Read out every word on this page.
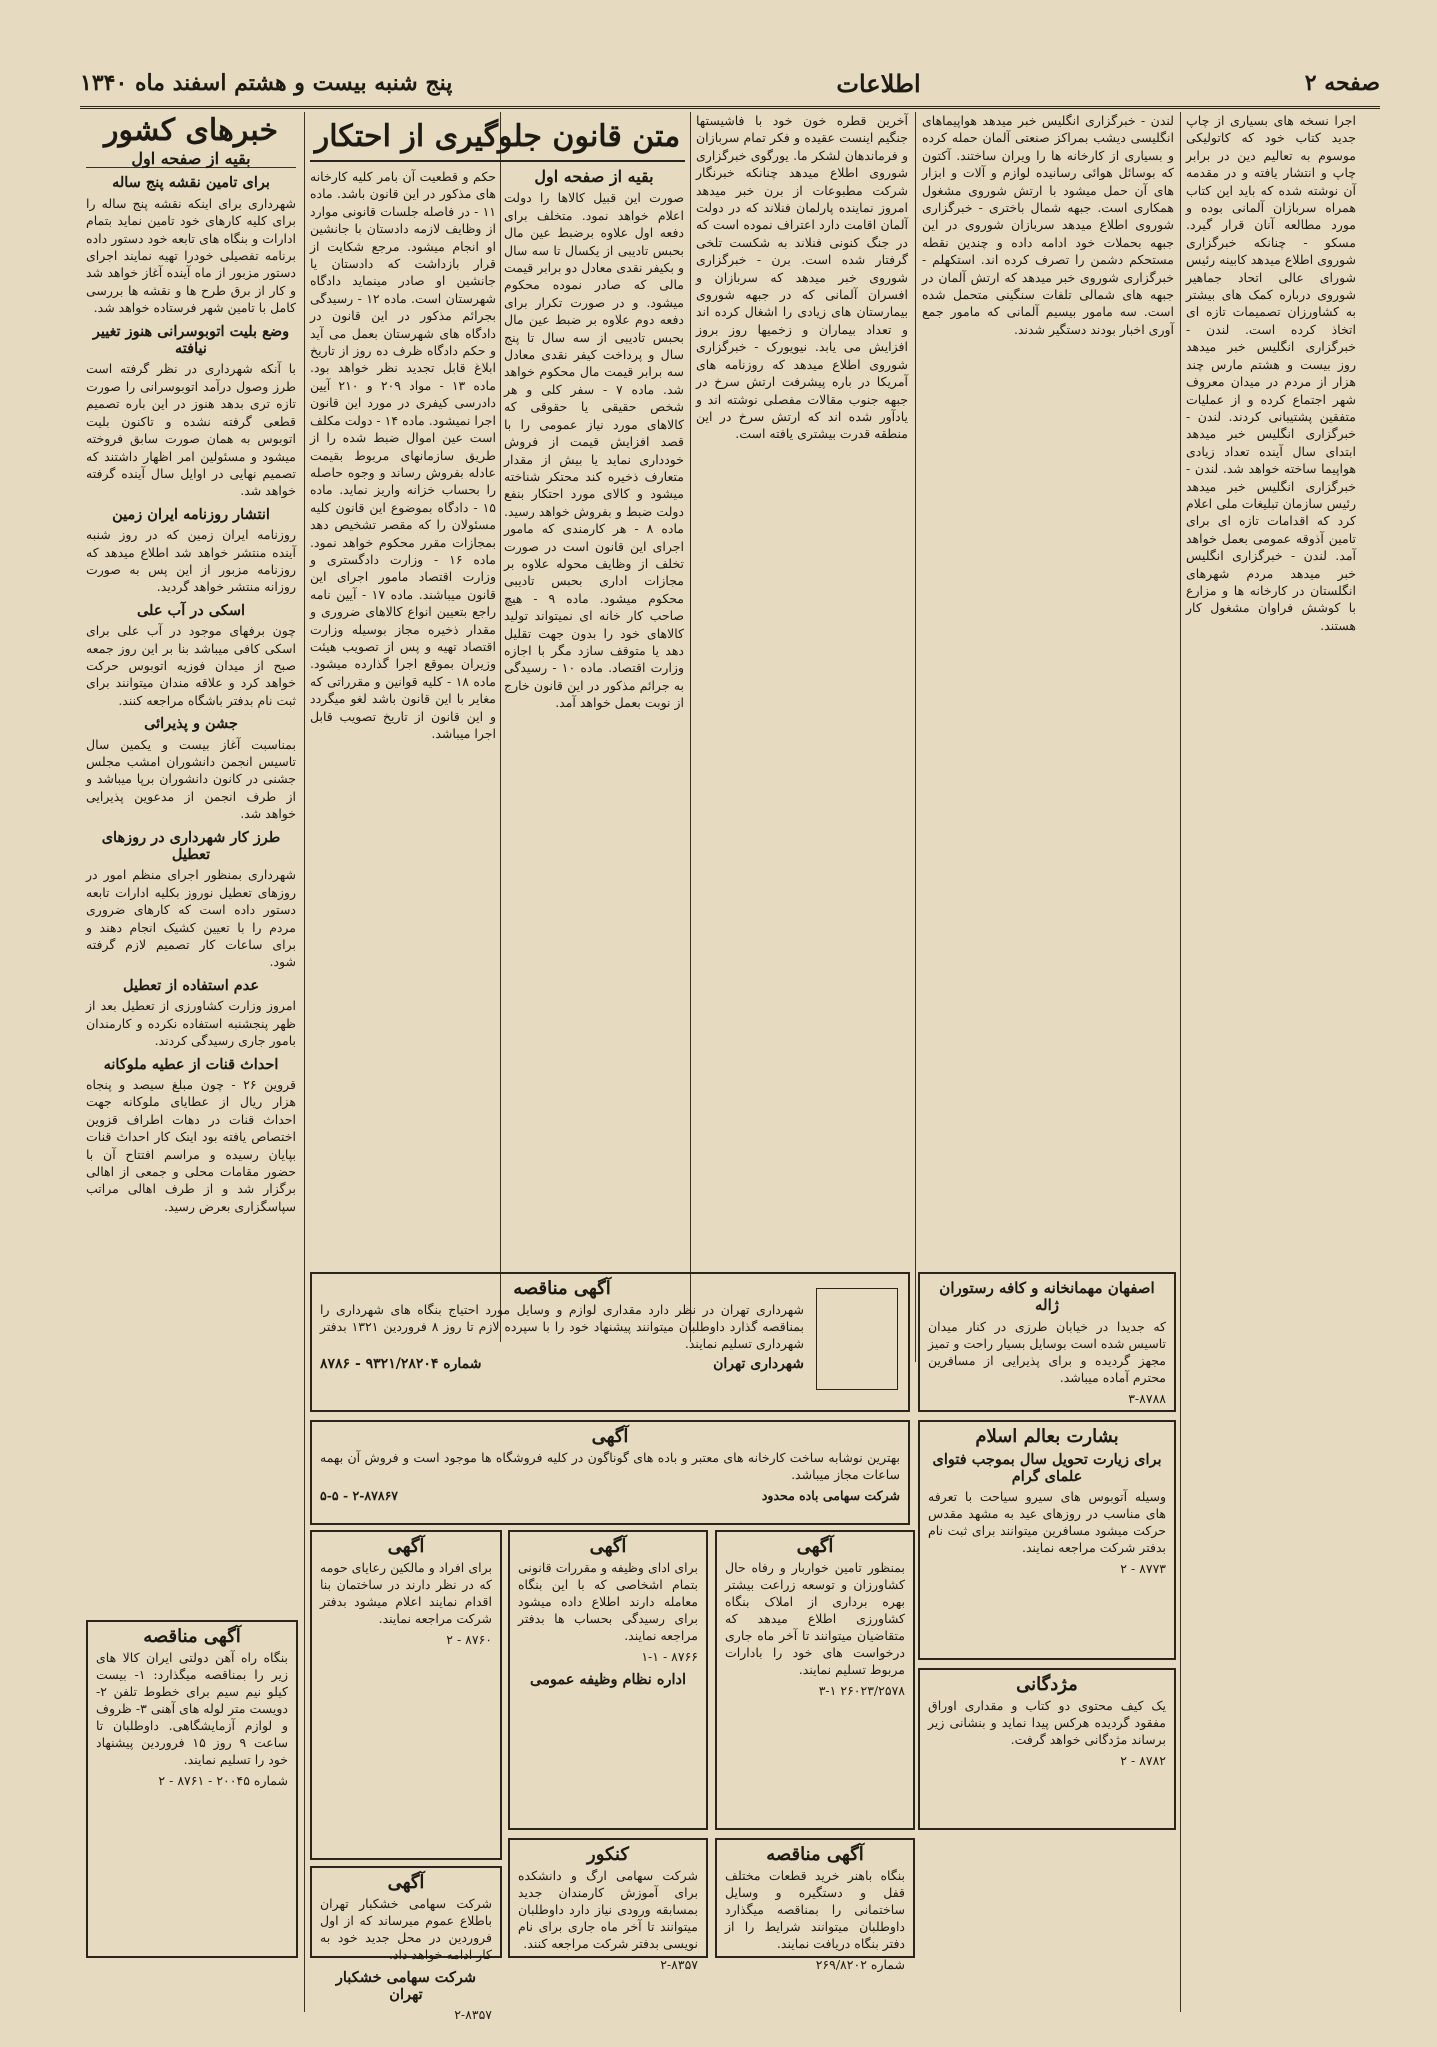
صفحه ۲
اطلاعات
پنج شنبه بیست و هشتم اسفند ماه ۱۳۴۰
خبرهای کشور
بقیه از صفحه اول
برای تامین نقشه پنج ساله

شهرداری برای اینکه نقشه پنج ساله را برای کلیه کارهای خود تامین نماید بتمام ادارات و بنگاه های تابعه خود دستور داده برنامه تفصیلی خودرا تهیه نمایند اجرای دستور مزبور از ماه آینده آغاز خواهد شد و کار از برق طرح ها و نقشه ها بررسی کامل با تامین شهر فرستاده خواهد شد.

وضع بلیت اتوبوسرانی هنوز تغییر نیافته

با آنکه شهرداری در نظر گرفته است طرز وصول درآمد اتوبوسرانی را صورت تازه تری بدهد هنوز در این باره تصمیم قطعی گرفته نشده و تاکنون بلیت اتوبوس به همان صورت سابق فروخته میشود و مسئولین امر اظهار داشتند که تصمیم نهایی در اوایل سال آینده گرفته خواهد شد.

انتشار روزنامه ایران زمین

روزنامه ایران زمین که در روز شنبه آینده منتشر خواهد شد اطلاع میدهد که روزنامه مزبور از این پس به صورت روزانه منتشر خواهد گردید.

اسکی در آب علی

چون برفهای موجود در آب علی برای اسکی کافی میباشد بنا بر این روز جمعه صبح از میدان فوزیه اتوبوس حرکت خواهد کرد و علاقه مندان میتوانند برای ثبت نام بدفتر باشگاه مراجعه کنند.

جشن و پذیرائی

بمناسبت آغاز بیست و یکمین سال تاسیس انجمن دانشوران امشب مجلس جشنی در کانون دانشوران برپا میباشد و از طرف انجمن از مدعوین پذیرایی خواهد شد.

طرز کار شهرداری در روزهای تعطیل

شهرداری بمنظور اجرای منظم امور در روزهای تعطیل نوروز بکلیه ادارات تابعه دستور داده است که کارهای ضروری مردم را با تعیین کشیک انجام دهند و برای ساعات کار تصمیم لازم گرفته شود.

عدم استفاده از تعطیل

امروز وزارت کشاورزی از تعطیل بعد از ظهر پنجشنبه استفاده نکرده و کارمندان بامور جاری رسیدگی کردند.

احداث قنات از عطیه ملوکانه

قروین ۲۶ - چون مبلغ سیصد و پنجاه هزار ریال از عطایای ملوکانه جهت احداث قنات در دهات اطراف قزوین اختصاص یافته بود اینک کار احداث قنات بپایان رسیده و مراسم افتتاح آن با حضور مقامات محلی و جمعی از اهالی برگزار شد و از طرف اهالی مراتب سپاسگزاری بعرض رسید.

متن قانون جلوگیری از احتکار
بقیه از صفحه اول

صورت این قبیل کالاها را دولت اعلام خواهد نمود. متخلف برای دفعه اول علاوه برضبط عین مال بحبس تادیبی از یکسال تا سه سال و بکیفر نقدی معادل دو برابر قیمت مالی که صادر نموده محکوم میشود. و در صورت تکرار برای دفعه دوم علاوه بر ضبط عین مال بحبس تادیبی از سه سال تا پنج سال و پرداخت کیفر نقدی معادل سه برابر قیمت مال محکوم خواهد شد. ماده ۷ - سفر کلی و هر شخص حقیقی یا حقوقی که کالاهای مورد نیاز عمومی را با قصد افزایش قیمت از فروش خودداری نماید یا بیش از مقدار متعارف ذخیره کند محتکر شناخته میشود و کالای مورد احتکار بنفع دولت ضبط و بفروش خواهد رسید. ماده ۸ - هر کارمندی که مامور اجرای این قانون است در صورت تخلف از وظایف محوله علاوه بر مجازات اداری بحبس تادیبی محکوم میشود. ماده ۹ - هیچ صاحب کار خانه ای نمیتواند تولید کالاهای خود را بدون جهت تقلیل دهد یا متوقف سازد مگر با اجازه وزارت اقتصاد. ماده ۱۰ - رسیدگی به جرائم مذکور در این قانون خارج از نوبت بعمل خواهد آمد.

حکم و قطعیت آن بامر کلیه کارخانه های مذکور در این قانون باشد. ماده ۱۱ - در فاصله جلسات قانونی موارد از وظایف لازمه دادستان با جانشین او انجام میشود. مرجع شکایت از قرار بازداشت که دادستان یا جانشین او صادر مینماید دادگاه شهرستان است. ماده ۱۲ - رسیدگی بجرائم مذکور در این قانون در دادگاه های شهرستان بعمل می آید و حکم دادگاه ظرف ده روز از تاریخ ابلاغ قابل تجدید نظر خواهد بود. ماده ۱۳ - مواد ۲۰۹ و ۲۱۰ آیین دادرسی کیفری در مورد این قانون اجرا نمیشود. ماده ۱۴ - دولت مکلف است عین اموال ضبط شده را از طریق سازمانهای مربوط بقیمت عادله بفروش رساند و وجوه حاصله را بحساب خزانه واریز نماید. ماده ۱۵ - دادگاه بموضوع این قانون کلیه مسئولان را که مقصر تشخیص دهد بمجازات مقرر محکوم خواهد نمود. ماده ۱۶ - وزارت دادگستری و وزارت اقتصاد مامور اجرای این قانون میباشند. ماده ۱۷ - آیین نامه راجع بتعیین انواع کالاهای ضروری و مقدار ذخیره مجاز بوسیله وزارت اقتصاد تهیه و پس از تصویب هیئت وزیران بموقع اجرا گذارده میشود. ماده ۱۸ - کلیه قوانین و مقرراتی که مغایر با این قانون باشد لغو میگردد و این قانون از تاریخ تصویب قابل اجرا میباشد.

آخرین قطره خون خود با فاشیستها جنگیم اینست عقیده و فکر تمام سربازان و فرماندهان لشکر ما. یورگوی خبرگزاری شوروی اطلاع میدهد چنانکه خبرنگار شرکت مطبوعات از برن خبر میدهد امروز نماینده پارلمان فنلاند که در دولت آلمان اقامت دارد اعتراف نموده است که در جنگ کنونی فنلاند به شکست تلخی گرفتار شده است. برن - خبرگزاری شوروی خبر میدهد که سربازان و افسران آلمانی که در جبهه شوروی بیمارستان های زیادی را اشغال کرده اند و تعداد بیماران و زخمیها روز بروز افزایش می یابد. نیویورک - خبرگزاری شوروی اطلاع میدهد که روزنامه های آمریکا در باره پیشرفت ارتش سرخ در جبهه جنوب مقالات مفصلی نوشته اند و یادآور شده اند که ارتش سرخ در این منطقه قدرت بیشتری یافته است.

لندن - خبرگزاری انگلیس خبر میدهد هواپیماهای انگلیسی دیشب بمراکز صنعتی آلمان حمله کرده و بسیاری از کارخانه ها را ویران ساختند. آکتون که بوسائل هوائی رسانیده لوازم و آلات و ابزار های آن حمل میشود با ارتش شوروی مشغول همکاری است. جبهه شمال باختری - خبرگزاری شوروی اطلاع میدهد سربازان شوروی در این جبهه بحملات خود ادامه داده و چندین نقطه مستحکم دشمن را تصرف کرده اند. استکهلم - خبرگزاری شوروی خبر میدهد که ارتش آلمان در جبهه های شمالی تلفات سنگینی متحمل شده است. سه مامور بیسیم آلمانی که مامور جمع آوری اخبار بودند دستگیر شدند.

اجرا نسخه های بسیاری از چاپ جدید کتاب خود که کاتولیکی موسوم به تعالیم دین در برابر چاپ و انتشار یافته و در مقدمه آن نوشته شده که باید این کتاب همراه سربازان آلمانی بوده و مورد مطالعه آنان قرار گیرد. مسکو - چنانکه خبرگزاری شوروی اطلاع میدهد کابینه رئیس شورای عالی اتحاد جماهیر شوروی درباره کمک های بیشتر به کشاورزان تصمیمات تازه ای اتخاذ کرده است. لندن - خبرگزاری انگلیس خبر میدهد روز بیست و هشتم مارس چند هزار از مردم در میدان معروف شهر اجتماع کرده و از عملیات متفقین پشتیبانی کردند. لندن - خبرگزاری انگلیس خبر میدهد ابتدای سال آینده تعداد زیادی هواپیما ساخته خواهد شد. لندن - خبرگزاری انگلیس خبر میدهد رئیس سازمان تبلیغات ملی اعلام کرد که اقدامات تازه ای برای تامین آذوقه عمومی بعمل خواهد آمد. لندن - خبرگزاری انگلیس خبر میدهد مردم شهرهای انگلستان در کارخانه ها و مزارع با کوشش فراوان مشغول کار هستند.

آگهی مناقصه

شهرداری تهران در نظر دارد مقداری لوازم و وسایل مورد احتیاج بنگاه های شهرداری را بمناقصه گذارد داوطلبان میتوانند پیشنهاد خود را با سپرده لازم تا روز ۸ فروردین ۱۳۲۱ بدفتر شهرداری تسلیم نمایند.

شهرداری تهران
شماره ۹۳۲۱/۲۸۲۰۴ - ۸۷۸۶
اصفهان مهمانخانه و کافه رستوران ژاله

که جدیدا در خیابان طرزی در کنار میدان تاسیس شده است بوسایل بسیار راحت و تمیز مجهز گردیده و برای پذیرایی از مسافرین محترم آماده میباشد.

۳-۸۷۸۸

آگهی

بهترین نوشابه ساخت کارخانه های معتبر و باده های گوناگون در کلیه فروشگاه ها موجود است و فروش آن بهمه ساعات مجاز میباشد.

شرکت سهامی باده محدود
۲-۸۷۸۶۷ - ۵-۵
بشارت بعالم اسلام
برای زیارت تحویل سال بموجب فتوای علمای گرام

وسیله آتوبوس های سیرو سیاحت با تعرفه های مناسب در روزهای عید به مشهد مقدس حرکت میشود مسافرین میتوانند برای ثبت نام بدفتر شرکت مراجعه نمایند.

۸۷۷۳ - ۲

آگهی

بمنظور تامین خواربار و رفاه حال کشاورزان و توسعه زراعت بیشتر بهره برداری از املاک بنگاه کشاورزی اطلاع میدهد که متقاضیان میتوانند تا آخر ماه جاری درخواست های خود را بادارات مربوط تسلیم نمایند.

۲۶۰۲۳/۲۵۷۸ ۳-۱

آگهی

برای ادای وظیفه و مقررات قانونی بتمام اشخاصی که با این بنگاه معامله دارند اطلاع داده میشود برای رسیدگی بحساب ها بدفتر مراجعه نمایند.

۸۷۶۶ - ۱-۱

اداره نظام وظیفه عمومی
آگهی

برای افراد و مالکین رعایای حومه که در نظر دارند در ساختمان بنا اقدام نمایند اعلام میشود بدفتر شرکت مراجعه نمایند.

۸۷۶۰ - ۲

مژدگانی

یک کیف محتوی دو کتاب و مقداری اوراق مفقود گردیده هرکس پیدا نماید و بنشانی زیر برساند مژدگانی خواهد گرفت.

۸۷۸۲ - ۲

آگهی مناقصه

بنگاه باهنر خرید قطعات مختلف قفل و دستگیره و وسایل ساختمانی را بمناقصه میگذارد داوطلبان میتوانند شرایط را از دفتر بنگاه دریافت نمایند.

شماره ۲۶۹/۸۲۰۲

کنکور

شرکت سهامی ارگ و دانشکده برای آموزش کارمندان جدید بمسابقه ورودی نیاز دارد داوطلبان میتوانند تا آخر ماه جاری برای نام نویسی بدفتر شرکت مراجعه کنند.

۲-۸۳۵۷

آگهی

شرکت سهامی خشکبار تهران باطلاع عموم میرساند که از اول فروردین در محل جدید خود به کار ادامه خواهد داد.

شرکت سهامی خشکبار تهران

۲-۸۳۵۷

آگهی مناقصه

بنگاه راه آهن دولتی ایران کالا های زیر را بمناقصه میگذارد: ۱- بیست کیلو نیم سیم برای خطوط تلفن ۲- دویست متر لوله های آهنی ۳- ظروف و لوازم آزمایشگاهی. داوطلبان تا ساعت ۹ روز ۱۵ فروردین پیشنهاد خود را تسلیم نمایند.

شماره ۲۰۰۴۵ - ۸۷۶۱ - ۲
